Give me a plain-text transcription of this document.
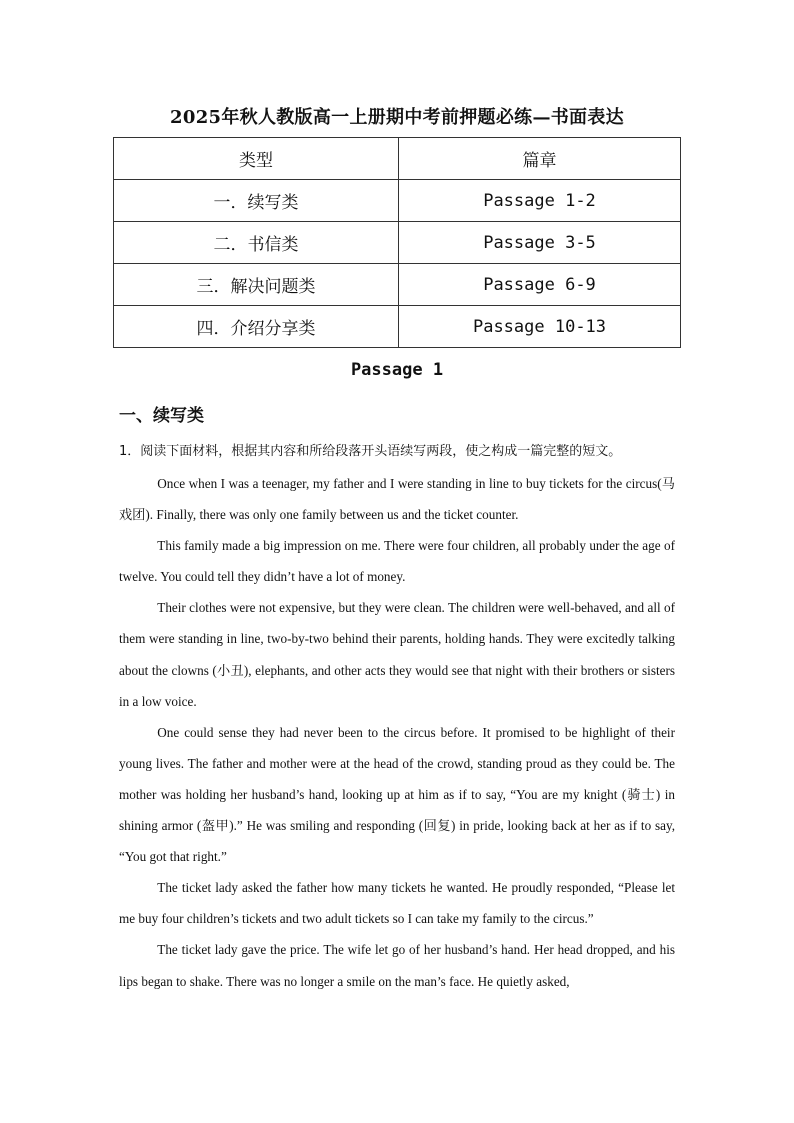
2025年秋人教版高一上册期中考前押题必练—书面表达
类型	篇章
一．续写类	Passage 1-2
二．书信类	Passage 3-5
三．解决问题类	Passage 6-9
四．介绍分享类	Passage 10-13
Passage 1
一、续写类
1．阅读下面材料，根据其内容和所给段落开头语续写两段，使之构成一篇完整的短文。

Once when I was a teenager, my father and I were standing in line to buy tickets for the circus(马戏团). Finally, there was only one family between us and the ticket counter.

This family made a big impression on me. There were four children, all probably under the age of twelve. You could tell they didn’t have a lot of money.

Their clothes were not expensive, but they were clean. The children were well-behaved, and all of them were standing in line, two-by-two behind their parents, holding hands. They were excitedly talking about the clowns (小丑), elephants, and other acts they would see that night with their brothers or sisters in a low voice.

One could sense they had never been to the circus before. It promised to be highlight of their young lives. The father and mother were at the head of the crowd, standing proud as they could be. The mother was holding her husband’s hand, looking up at him as if to say, “You are my knight (骑士) in shining armor (盔甲).” He was smiling and responding (回复) in pride, looking back at her as if to say, “You got that right.”

The ticket lady asked the father how many tickets he wanted. He proudly responded, “Please let me buy four children’s tickets and two adult tickets so I can take my family to the circus.”

The ticket lady gave the price. The wife let go of her husband’s hand. Her head dropped, and his lips began to shake. There was no longer a smile on the man’s face. He quietly asked,
